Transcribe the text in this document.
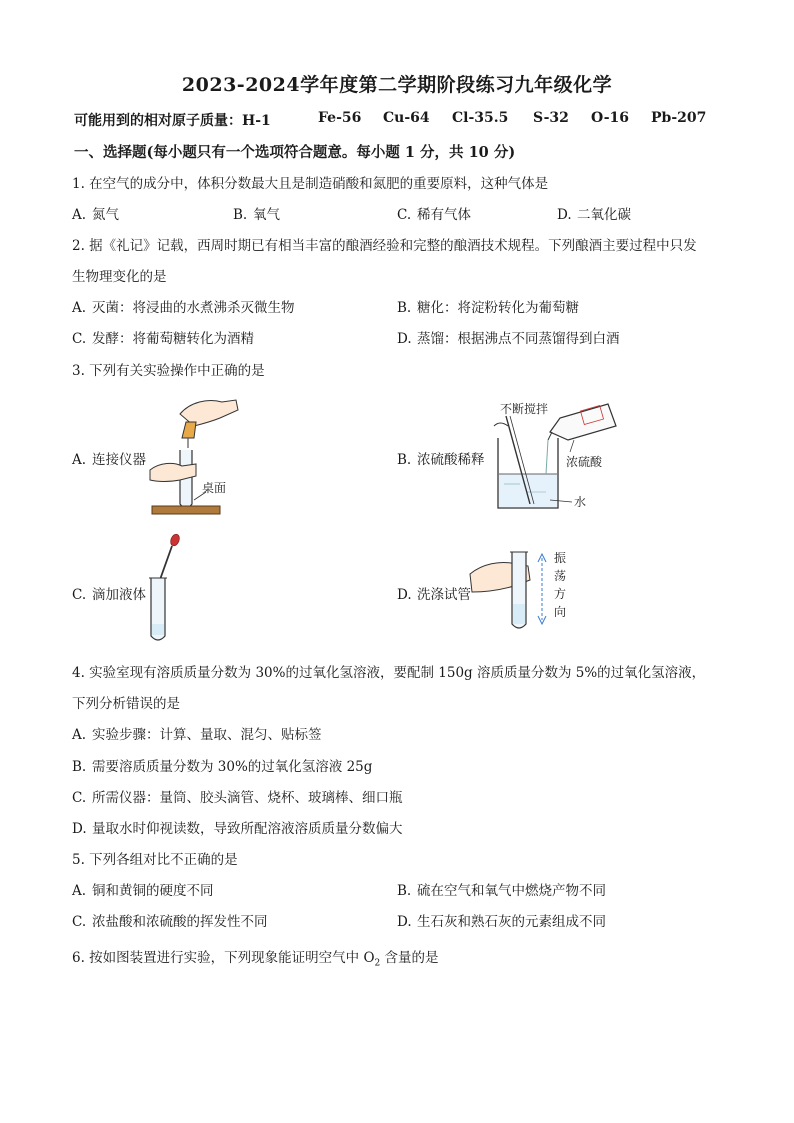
2023-2024学年度第二学期阶段练习九年级化学
可能用到的相对原子质量：H-1	Fe-56 Cu-64 Cl-35.5 S-32 O-16 Pb-207
一、选择题(每小题只有一个选项符合题意。每小题 1 分，共 10 分)
1. 在空气的成分中，体积分数最大且是制造硝酸和氮肥的重要原料，这种气体是
A. 氮气	B. 氧气	C. 稀有气体	D. 二氧化碳
2. 据《礼记》记载，西周时期已有相当丰富的酿酒经验和完整的酿酒技术规程。下列酿酒主要过程中只发
生物理变化的是
A. 灭菌：将浸曲的水煮沸杀灭微生物	B. 糖化：将淀粉转化为葡萄糖
C. 发酵：将葡萄糖转化为酒精	D. 蒸馏：根据沸点不同蒸馏得到白酒
3. 下列有关实验操作中正确的是
A. 连接仪器	B. 浓硫酸稀释
C. 滴加液体	D. 洗涤试管
桌面
不断搅拌
浓硫酸
水
振
荡
方
向
4. 实验室现有溶质质量分数为 30%的过氧化氢溶液，要配制 150g 溶质质量分数为 5%的过氧化氢溶液，
下列分析错误的是
A. 实验步骤：计算、量取、混匀、贴标签
B. 需要溶质质量分数为 30%的过氧化氢溶液 25g
C. 所需仪器：量筒、胶头滴管、烧杯、玻璃棒、细口瓶
D. 量取水时仰视读数，导致所配溶液溶质质量分数偏大
5. 下列各组对比不正确的是
A. 铜和黄铜的硬度不同	B. 硫在空气和氧气中燃烧产物不同
C. 浓盐酸和浓硫酸的挥发性不同	D. 生石灰和熟石灰的元素组成不同
6. 按如图装置进行实验，下列现象能证明空气中 $O_2$ 含量的是
